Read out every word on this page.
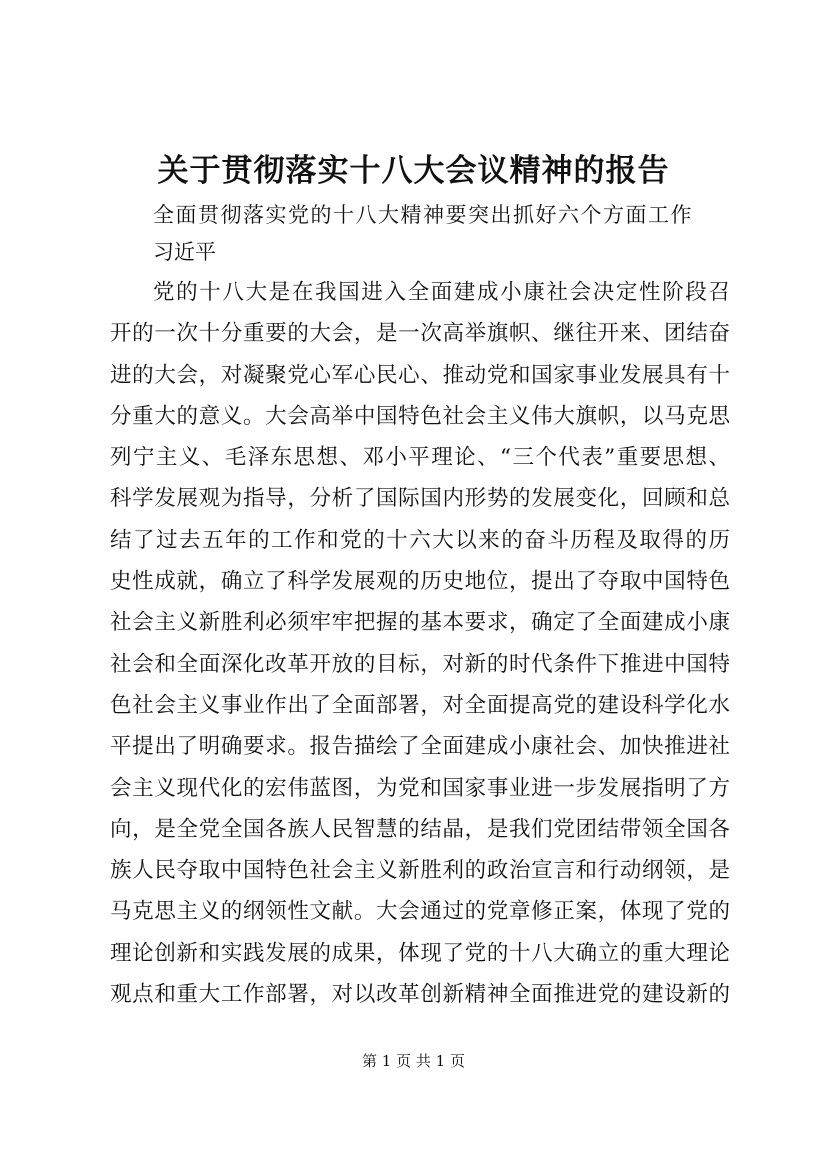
关于贯彻落实十八大会议精神的报告
全面贯彻落实党的十八大精神要突出抓好六个方面工作
习近平
党的十八大是在我国进入全面建成小康社会决定性阶段召
开的一次十分重要的大会，是一次高举旗帜、继往开来、团结奋
进的大会，对凝聚党心军心民心、推动党和国家事业发展具有十
分重大的意义。大会高举中国特色社会主义伟大旗帜，以马克思
列宁主义、毛泽东思想、邓小平理论、“三个代表”重要思想、
科学发展观为指导，分析了国际国内形势的发展变化，回顾和总
结了过去五年的工作和党的十六大以来的奋斗历程及取得的历
史性成就，确立了科学发展观的历史地位，提出了夺取中国特色
社会主义新胜利必须牢牢把握的基本要求，确定了全面建成小康
社会和全面深化改革开放的目标，对新的时代条件下推进中国特
色社会主义事业作出了全面部署，对全面提高党的建设科学化水
平提出了明确要求。报告描绘了全面建成小康社会、加快推进社
会主义现代化的宏伟蓝图，为党和国家事业进一步发展指明了方
向，是全党全国各族人民智慧的结晶，是我们党团结带领全国各
族人民夺取中国特色社会主义新胜利的政治宣言和行动纲领，是
马克思主义的纲领性文献。大会通过的党章修正案，体现了党的
理论创新和实践发展的成果，体现了党的十八大确立的重大理论
观点和重大工作部署，对以改革创新精神全面推进党的建设新的
第 1 页 共 1 页
